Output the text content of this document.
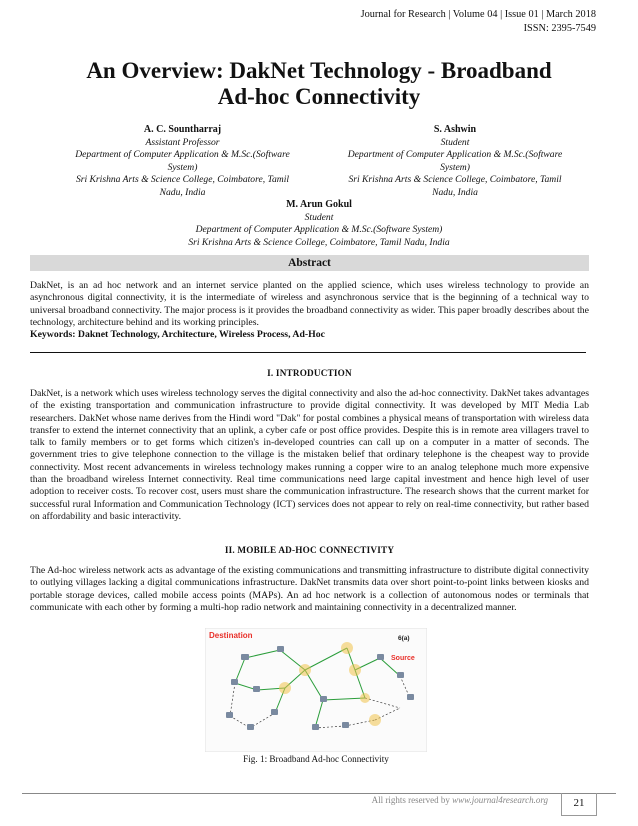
Journal for Research | Volume 04 | Issue 01 | March 2018
ISSN: 2395-7549
An Overview: DakNet Technology - Broadband
Ad-hoc Connectivity
A. C. Sountharraj
Assistant Professor
Department of Computer Application & M.Sc.(Software
System)
Sri Krishna Arts & Science College, Coimbatore, Tamil
Nadu, India
S. Ashwin
Student
Department of Computer Application & M.Sc.(Software
System)
Sri Krishna Arts & Science College, Coimbatore, Tamil
Nadu, India
M. Arun Gokul
Student
Department of Computer Application & M.Sc.(Software System)
Sri Krishna Arts & Science College, Coimbatore, Tamil Nadu, India
Abstract
DakNet, is an ad hoc network and an internet service planted on the applied science, which uses wireless technology to provide an asynchronous digital connectivity, it is the intermediate of wireless and asynchronous service that is the beginning of a technical way to universal broadband connectivity. The major process is it provides the broadband connectivity as wider. This paper broadly describes about the technology, architecture behind and its working principles.
Keywords: Daknet Technology, Architecture, Wireless Process, Ad-Hoc
I. INTRODUCTION
DakNet, is a network which uses wireless technology serves the digital connectivity and also the ad-hoc connectivity. DakNet takes advantages of the existing transportation and communication infrastructure to provide digital connectivity. It was developed by MIT Media Lab researchers. DakNet whose name derives from the Hindi word "Dak" for postal combines a physical means of transportation with wireless data transfer to extend the internet connectivity that an uplink, a cyber cafe or post office provides. Despite this is in remote area villagers travel to talk to family members or to get forms which citizen's in-developed countries can call up on a computer in a matter of seconds. The government tries to give telephone connection to the village is the mistaken belief that ordinary telephone is the cheapest way to provide connectivity. Most recent advancements in wireless technology makes running a copper wire to an analog telephone much more expensive than the broadband wireless Internet connectivity. Real time communications need large capital investment and hence high level of user adoption to receiver costs. To recover cost, users must share the communication infrastructure. The research shows that the current market for successful rural Information and Communication Technology (ICT) services does not appear to rely on real-time connectivity, but rather based on affordability and basic interactivity.
II. MOBILE AD-HOC CONNECTIVITY
The Ad-hoc wireless network acts as advantage of the existing communications and transmitting infrastructure to distribute digital connectivity to outlying villages lacking a digital communications infrastructure. DakNet transmits data over short point-to-point links between kiosks and portable storage devices, called mobile access points (MAPs). An ad hoc network is a collection of autonomous nodes or terminals that communicate with each other by forming a multi-hop radio network and maintaining connectivity in a decentralized manner.
Destination	6(a)
Source
Fig. 1: Broadband Ad-hoc Connectivity
All rights reserved by www.journal4research.org	21
